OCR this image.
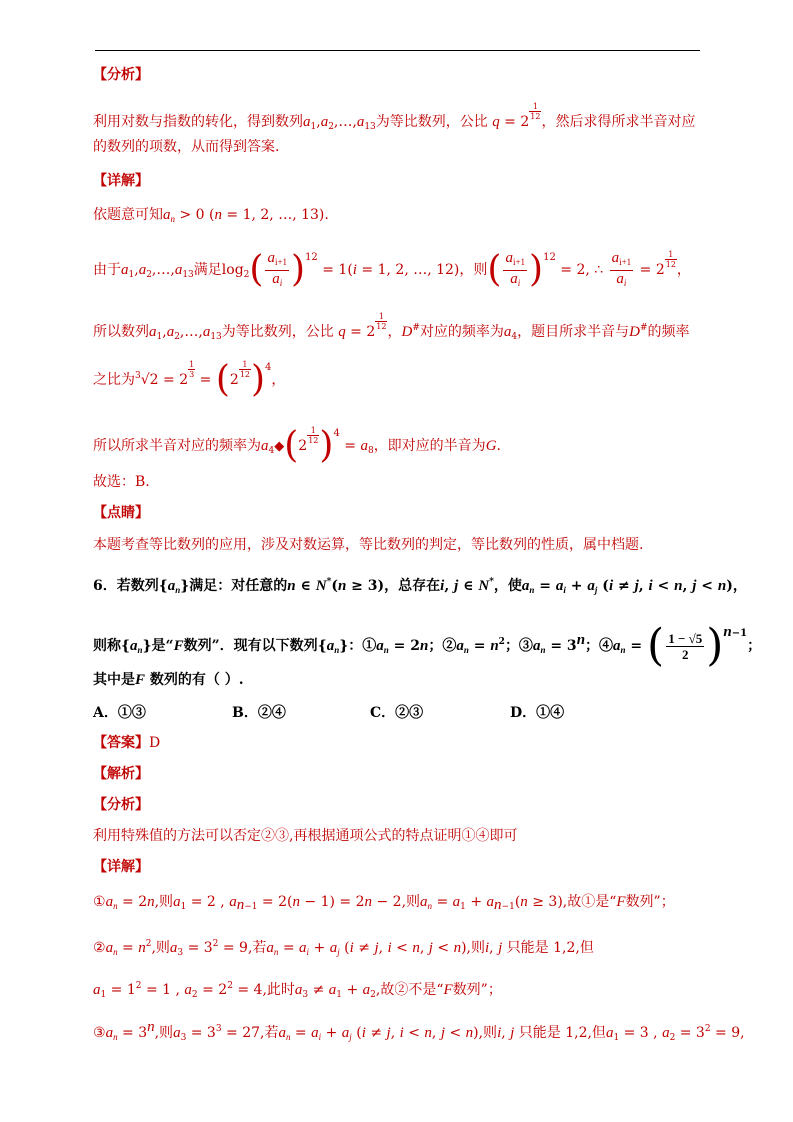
【分析】
利用对数与指数的转化，得到数列$a_1,a_2,\dots,a_{13}$为等比数列，公比 q = 2
$\frac{1}{12}$
，然后求得所求半音对应
的数列的项数，从而得到答案.
【详解】
依题意可知$a_n > 0$ (n = 1, 2, …, 13).
由于$a_1,a_2,\dots,a_{13}$满足$\log_2( \frac{a_{i+1}}{a_i} )12 = 1(i = 1$, 2, …, 12)，则( $\frac{a_{i+1}}{a_i} )12 = 2$, ∴ $\frac{a_{i+1}}{a_i} = 2$
$\frac{1}{12}$
，
所以数列$a_1,a_2,\dots,a_{13}$为等比数列，公比 q = 2
$\frac{1}{12}$
，D#对应的频率为$a_4$，题目所求半音与D#的频率
之比为$^3$√2 = 2
$\frac{1}{3}$
= (2
$\frac{1}{12} )4$，
所以所求半音对应的频率为$a_4◆(2$
$\frac{1}{12} )4 = a_8$，即对应的半音为G.
故选：B.
【点睛】
本题考查等比数列的应用，涉及对数运算，等比数列的判定，等比数列的性质，属中档题.
6．若数列$\{a_n\}$满足：对任意的n ∈ N*(n ≥ 3)，总存在i, j ∈ N*，使$a_n = a_i + a_j$ (i ≠ j, i < n, j < n)，
则称$\{a_n\}$是“F数列”．现有以下数列$\{a_n\}$：$①a_n = 2n$；$②a_n = n^2$；$③a_n = 3^n$；$④a_n$ = ( $\frac{1 - √5}{2} )n-1$；
其中是F 数列的有（ ）.
A．①③	B．②④	C．②③	D．①④
【答案】D
【解析】
【分析】
利用特殊值的方法可以否定②③,再根据通项公式的特点证明①④即可
【详解】
$①a_n = 2n$,则$a_1 = 2$ , $a_{n-1} = 2(n - 1) = 2n - 2$,则$a_n = a_1 + a_{n-1}(n \ge 3)$,故①是“F数列”；
$②a_n = n^2$,则$a_3 = 3^2 = 9$,若$a_n = a_i + a_j$ (i ≠ j, i < n, j < n),则i, j 只能是 1,2,但
$a_1 = 1^2 = 1$ , $a_2 = 2^2 = 4$,此时$a_3 \ne a_1 + a_2$,故②不是“F数列”；
$③a_n = 3^n$,则$a_3 = 3^3 = 27$,若$a_n = a_i + a_j$ (i ≠ j, i < n, j < n),则i, j 只能是 1,2,但$a_1 = 3$ , $a_2 = 3^2 = 9$,
